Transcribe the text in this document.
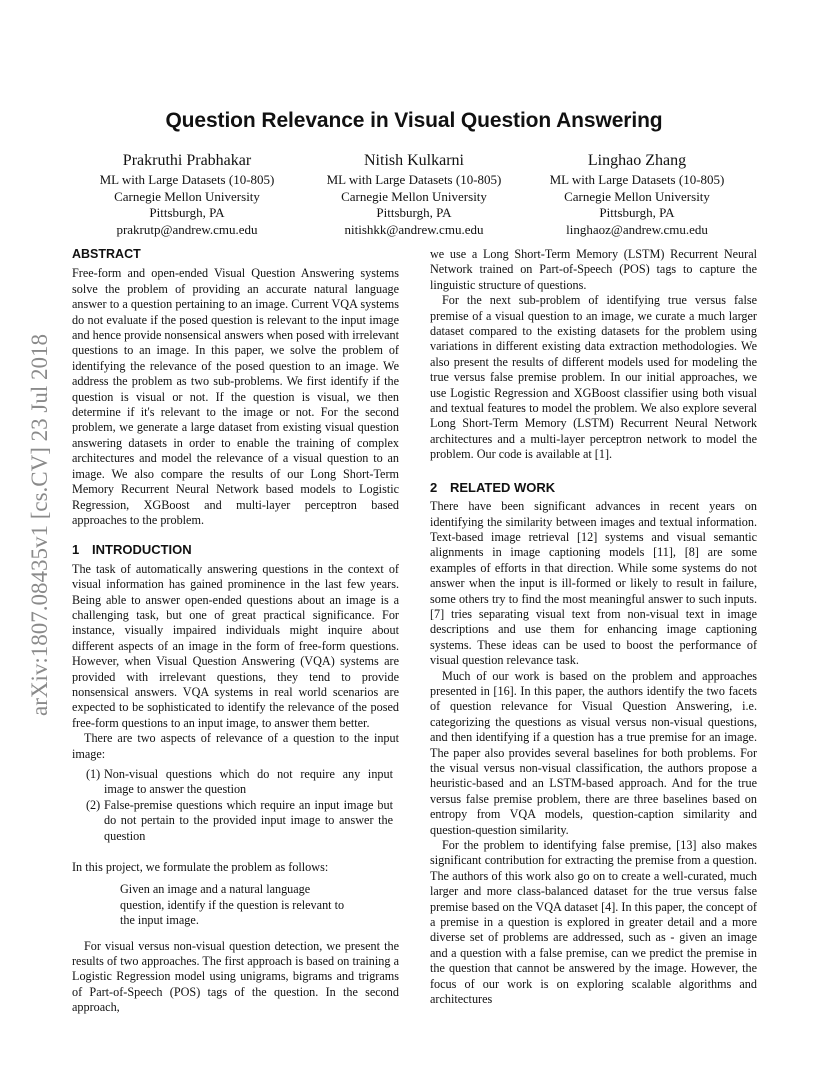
arXiv:1807.08435v1 [cs.CV] 23 Jul 2018
Question Relevance in Visual Question Answering
Prakruthi Prabhakar
ML with Large Datasets (10-805)
Carnegie Mellon University
Pittsburgh, PA
prakrutp@andrew.cmu.edu
Nitish Kulkarni
ML with Large Datasets (10-805)
Carnegie Mellon University
Pittsburgh, PA
nitishkk@andrew.cmu.edu
Linghao Zhang
ML with Large Datasets (10-805)
Carnegie Mellon University
Pittsburgh, PA
linghaoz@andrew.cmu.edu
ABSTRACT

Free-form and open-ended Visual Question Answering systems solve the problem of providing an accurate natural language answer to a question pertaining to an image. Current VQA systems do not evaluate if the posed question is relevant to the input image and hence provide nonsensical answers when posed with irrelevant questions to an image. In this paper, we solve the problem of identifying the relevance of the posed question to an image. We address the problem as two sub-problems. We first identify if the question is visual or not. If the question is visual, we then determine if it's relevant to the image or not. For the second problem, we generate a large dataset from existing visual question answering datasets in order to enable the training of complex architectures and model the relevance of a visual question to an image. We also compare the results of our Long Short-Term Memory Recurrent Neural Network based models to Logistic Regression, XGBoost and multi-layer perceptron based approaches to the problem.

1 INTRODUCTION

The task of automatically answering questions in the context of visual information has gained prominence in the last few years. Being able to answer open-ended questions about an image is a challenging task, but one of great practical significance. For instance, visually impaired individuals might inquire about different aspects of an image in the form of free-form questions. However, when Visual Question Answering (VQA) systems are provided with irrelevant questions, they tend to provide nonsensical answers. VQA systems in real world scenarios are expected to be sophisticated to identify the relevance of the posed free-form questions to an input image, to answer them better.

There are two aspects of relevance of a question to the input image:

(1) Non-visual questions which do not require any input image to answer the question
(2) False-premise questions which require an input image but do not pertain to the provided input image to answer the question

In this project, we formulate the problem as follows:

Given an image and a natural language question, identify if the question is relevant to the input image.

For visual versus non-visual question detection, we present the results of two approaches. The first approach is based on training a Logistic Regression model using unigrams, bigrams and trigrams of Part-of-Speech (POS) tags of the question. In the second approach,

we use a Long Short-Term Memory (LSTM) Recurrent Neural Network trained on Part-of-Speech (POS) tags to capture the linguistic structure of questions.

For the next sub-problem of identifying true versus false premise of a visual question to an image, we curate a much larger dataset compared to the existing datasets for the problem using variations in different existing data extraction methodologies. We also present the results of different models used for modeling the true versus false premise problem. In our initial approaches, we use Logistic Regression and XGBoost classifier using both visual and textual features to model the problem. We also explore several Long Short-Term Memory (LSTM) Recurrent Neural Network architectures and a multi-layer perceptron network to model the problem. Our code is available at [1].

2 RELATED WORK

There have been significant advances in recent years on identifying the similarity between images and textual information. Text-based image retrieval [12] systems and visual semantic alignments in image captioning models [11], [8] are some examples of efforts in that direction. While some systems do not answer when the input is ill-formed or likely to result in failure, some others try to find the most meaningful answer to such inputs. [7] tries separating visual text from non-visual text in image descriptions and use them for enhancing image captioning systems. These ideas can be used to boost the performance of visual question relevance task.

Much of our work is based on the problem and approaches presented in [16]. In this paper, the authors identify the two facets of question relevance for Visual Question Answering, i.e. categorizing the questions as visual versus non-visual questions, and then identifying if a question has a true premise for an image. The paper also provides several baselines for both problems. For the visual versus non-visual classification, the authors propose a heuristic-based and an LSTM-based approach. And for the true versus false premise problem, there are three baselines based on entropy from VQA models, question-caption similarity and question-question similarity.

For the problem to identifying false premise, [13] also makes significant contribution for extracting the premise from a question. The authors of this work also go on to create a well-curated, much larger and more class-balanced dataset for the true versus false premise based on the VQA dataset [4]. In this paper, the concept of a premise in a question is explored in greater detail and a more diverse set of problems are addressed, such as - given an image and a question with a false premise, can we predict the premise in the question that cannot be answered by the image. However, the focus of our work is on exploring scalable algorithms and architectures
